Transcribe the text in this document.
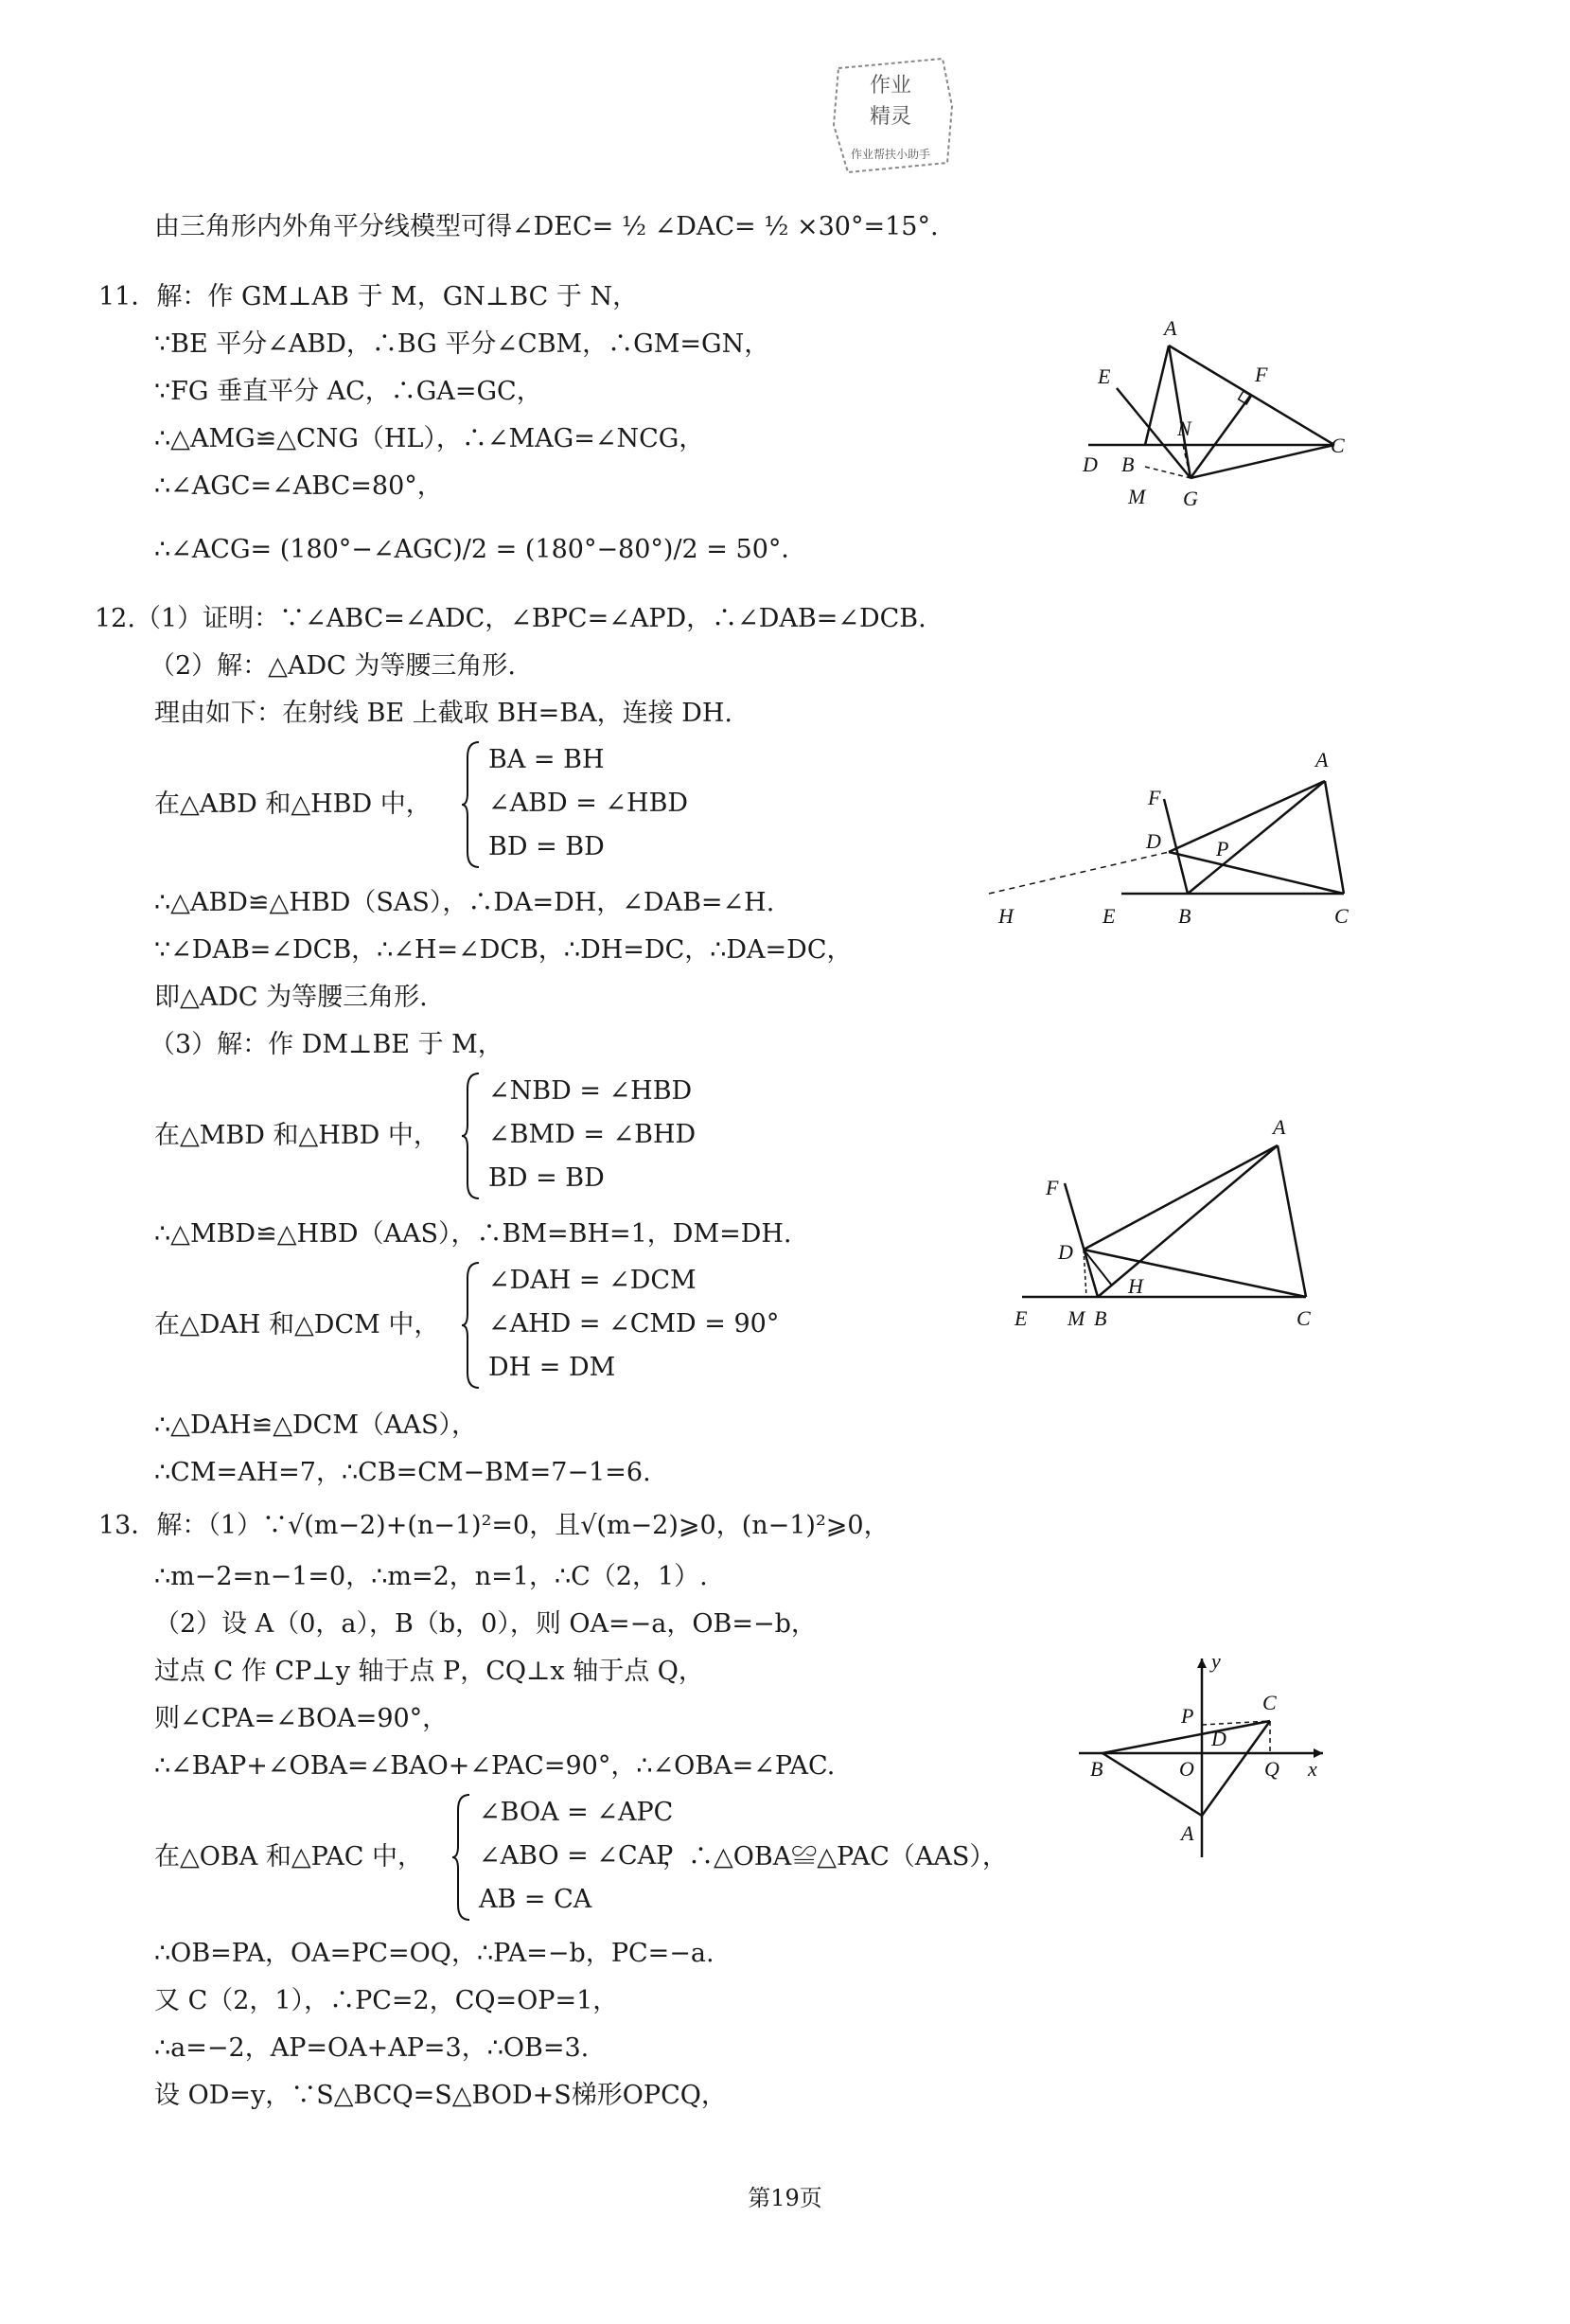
作业
精灵
作业帮扶小助手
由三角形内外角平分线模型可得∠DEC= ½ ∠DAC= ½ ×30°=15°.
11．解：作 GM⊥AB 于 M，GN⊥BC 于 N，
∵BE 平分∠ABD，∴BG 平分∠CBM，∴GM=GN，
∵FG 垂直平分 AC，∴GA=GC，
∴△AMG≌△CNG（HL），∴∠MAG=∠NCG，
∴∠AGC=∠ABC=80°，
∴∠ACG= (180°−∠AGC)/2 = (180°−80°)/2 = 50°．
12.（1）证明：∵∠ABC=∠ADC，∠BPC=∠APD，∴∠DAB=∠DCB.
（2）解：△ADC 为等腰三角形.
理由如下：在射线 BE 上截取 BH=BA，连接 DH.
在△ABD 和△HBD 中，
∴△ABD≌△HBD（SAS），∴DA=DH，∠DAB=∠H.
∵∠DAB=∠DCB，∴∠H=∠DCB，∴DH=DC，∴DA=DC，
即△ADC 为等腰三角形.
（3）解：作 DM⊥BE 于 M，
在△MBD 和△HBD 中，
∴△MBD≌△HBD（AAS），∴BM=BH=1，DM=DH.
在△DAH 和△DCM 中，
∴△DAH≌△DCM（AAS），
∴CM=AH=7，∴CB=CM−BM=7−1=6.
13．解：（1）∵√(m−2)+(n−1)²=0，且√(m−2)⩾0，(n−1)²⩾0，
∴m−2=n−1=0，∴m=2，n=1，∴C（2，1）.
（2）设 A（0，a），B（b，0），则 OA=−a，OB=−b，
过点 C 作 CP⊥y 轴于点 P，CQ⊥x 轴于点 Q，
则∠CPA=∠BOA=90°，
∴∠BAP+∠OBA=∠BAO+∠PAC=90°，∴∠OBA=∠PAC.
在△OBA 和△PAC 中，	，∴△OBA≌△PAC（AAS），
∴OB=PA，OA=PC=OQ，∴PA=−b，PC=−a.
又 C（2，1），∴PC=2，CQ=OP=1，
∴a=−2，AP=OA+AP=3，∴OB=3.
设 OD=y，∵S△BCQ=S△BOD+S梯形OPCQ，
BA = BH
∠ABD = ∠HBD
BD = BD
∠NBD = ∠HBD
∠BMD = ∠BHD
BD = BD
∠DAH = ∠DCM
∠AHD = ∠CMD = 90°
DH = DM
∠BOA = ∠APC
∠ABO = ∠CAP
AB = CA
A
E	F
N
C
D B
M G
A
F
D	P
H	E	B	C
A
F
D
H
E M B	C
y
C
P
D
B	O	Q x
A
第19页
